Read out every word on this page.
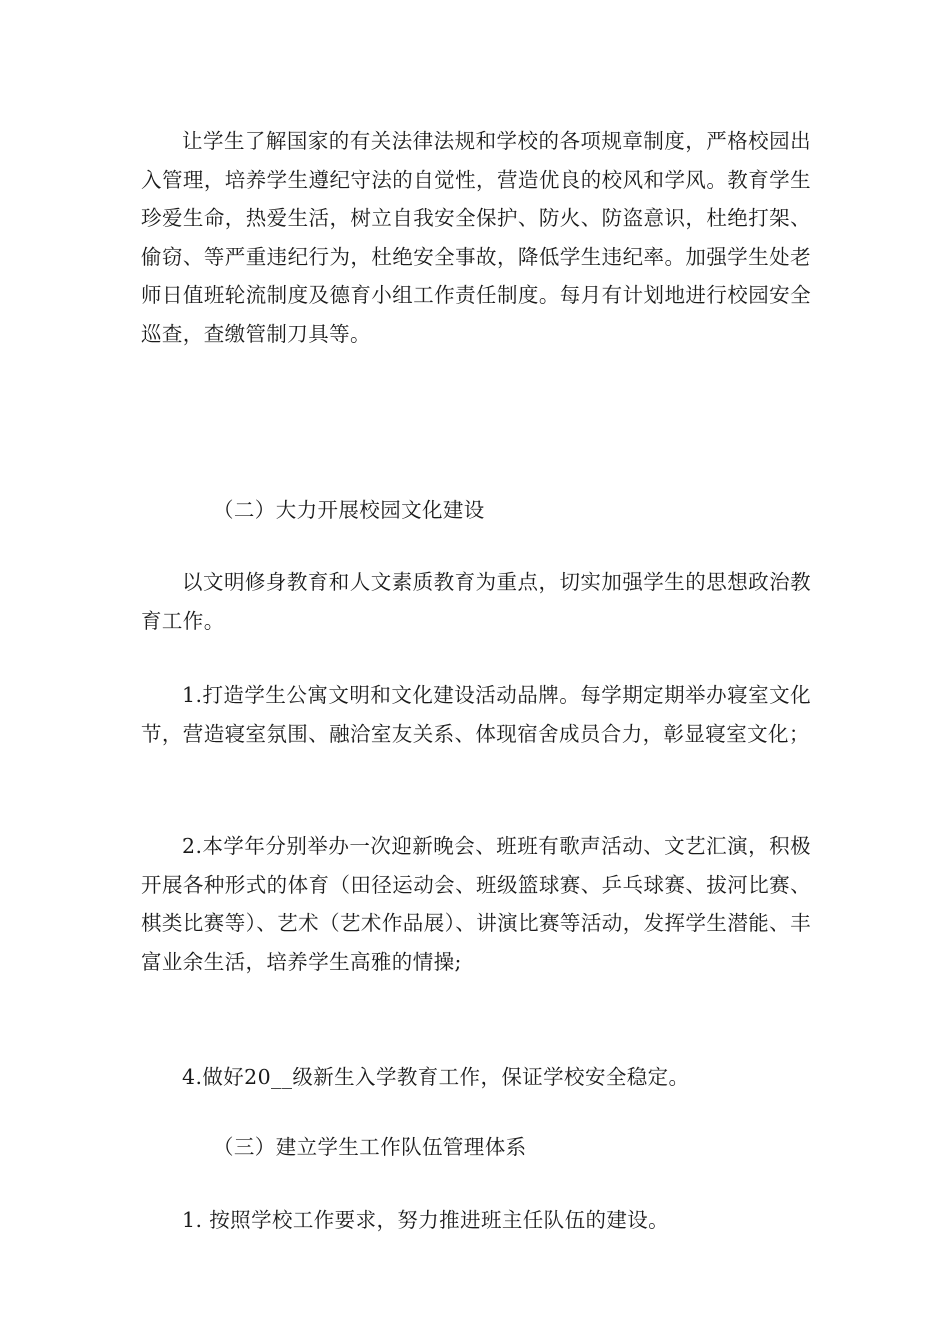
让学生了解国家的有关法律法规和学校的各项规章制度，严格校园出入管理，培养学生遵纪守法的自觉性，营造优良的校风和学风。教育学生珍爱生命，热爱生活，树立自我安全保护、防火、防盗意识，杜绝打架、偷窃、等严重违纪行为，杜绝安全事故，降低学生违纪率。加强学生处老师日值班轮流制度及德育小组工作责任制度。每月有计划地进行校园安全巡查，查缴管制刀具等。

（二）大力开展校园文化建设

以文明修身教育和人文素质教育为重点，切实加强学生的思想政治教育工作。

1.打造学生公寓文明和文化建设活动品牌。每学期定期举办寝室文化节，营造寝室氛围、融洽室友关系、体现宿舍成员合力，彰显寝室文化；

2.本学年分别举办一次迎新晚会、班班有歌声活动、文艺汇演，积极开展各种形式的体育（田径运动会、班级篮球赛、乒乓球赛、拔河比赛、棋类比赛等）、艺术（艺术作品展）、讲演比赛等活动，发挥学生潜能、丰富业余生活，培养学生高雅的情操;

4.做好20__级新生入学教育工作，保证学校安全稳定。

（三）建立学生工作队伍管理体系

1. 按照学校工作要求，努力推进班主任队伍的建设。
